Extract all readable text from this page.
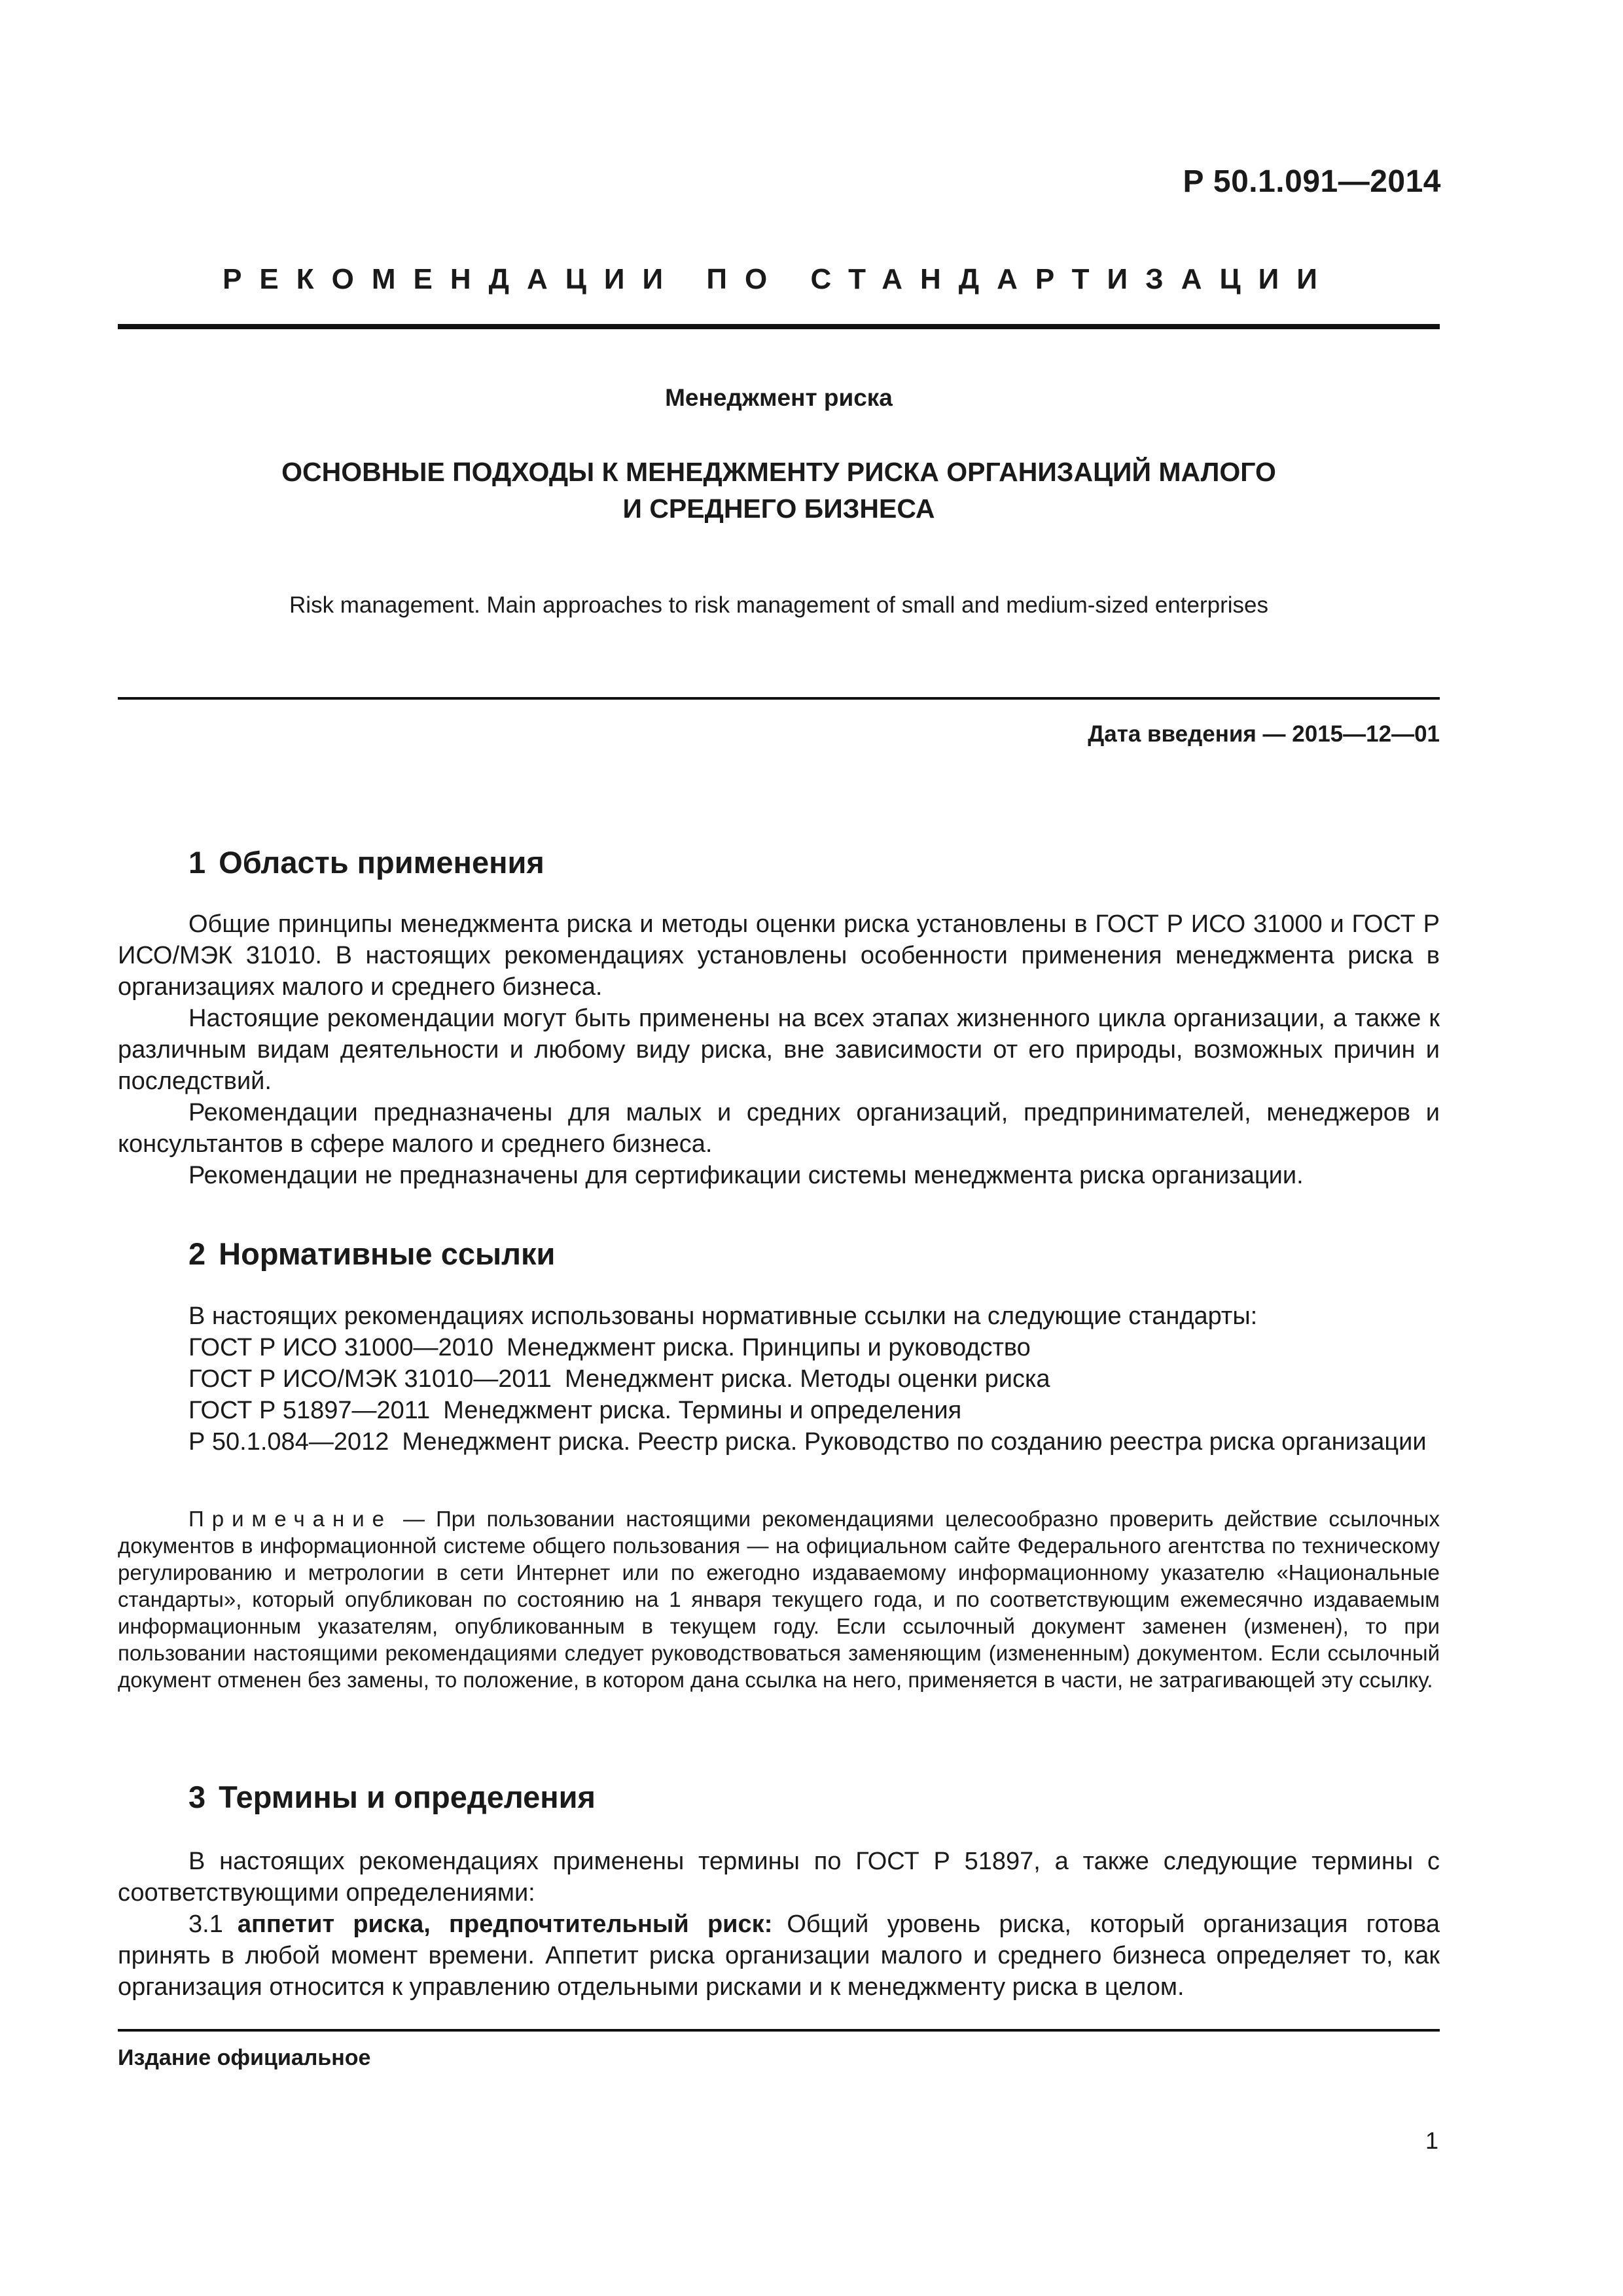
Р 50.1.091—2014
РЕКОМЕНДАЦИИ ПО СТАНДАРТИЗАЦИИ
Менеджмент риска
ОСНОВНЫЕ ПОДХОДЫ К МЕНЕДЖМЕНТУ РИСКА ОРГАНИЗАЦИЙ МАЛОГО
И СРЕДНЕГО БИЗНЕСА
Risk management. Main approaches to risk management of small and medium-sized enterprises
Дата введения — 2015—12—01
1 Область применения

Общие принципы менеджмента риска и методы оценки риска установлены в ГОСТ Р ИСО 31000 и ГОСТ Р ИСО/МЭК 31010. В настоящих рекомендациях установлены особенности применения менеджмента риска в организациях малого и среднего бизнеса.

Настоящие рекомендации могут быть применены на всех этапах жизненного цикла организации, а также к различным видам деятельности и любому виду риска, вне зависимости от его природы, возможных причин и последствий.

Рекомендации предназначены для малых и средних организаций, предпринимателей, менеджеров и консультантов в сфере малого и среднего бизнеса.

Рекомендации не предназначены для сертификации системы менеджмента риска организации.

2 Нормативные ссылки

В настоящих рекомендациях использованы нормативные ссылки на следующие стандарты:

ГОСТ Р ИСО 31000—2010 Менеджмент риска. Принципы и руководство

ГОСТ Р ИСО/МЭК 31010—2011 Менеджмент риска. Методы оценки риска

ГОСТ Р 51897—2011 Менеджмент риска. Термины и определения

Р 50.1.084—2012 Менеджмент риска. Реестр риска. Руководство по созданию реестра риска организации

Примечание — При пользовании настоящими рекомендациями целесообразно проверить действие ссылочных документов в информационной системе общего пользования — на официальном сайте Федерального агентства по техническому регулированию и метрологии в сети Интернет или по ежегодно издаваемому информационному указателю «Национальные стандарты», который опубликован по состоянию на 1 января текущего года, и по соответствующим ежемесячно издаваемым информационным указателям, опубликованным в текущем году. Если ссылочный документ заменен (изменен), то при пользовании настоящими рекомендациями следует руководствоваться заменяющим (измененным) документом. Если ссылочный документ отменен без замены, то положение, в котором дана ссылка на него, применяется в части, не затрагивающей эту ссылку.

3 Термины и определения

В настоящих рекомендациях применены термины по ГОСТ Р 51897, а также следующие термины с соответствующими определениями:

3.1 аппетит риска, предпочтительный риск: Общий уровень риска, который организация готова принять в любой момент времени. Аппетит риска организации малого и среднего бизнеса определяет то, как организация относится к управлению отдельными рисками и к менеджменту риска в целом.

Издание официальное
1
